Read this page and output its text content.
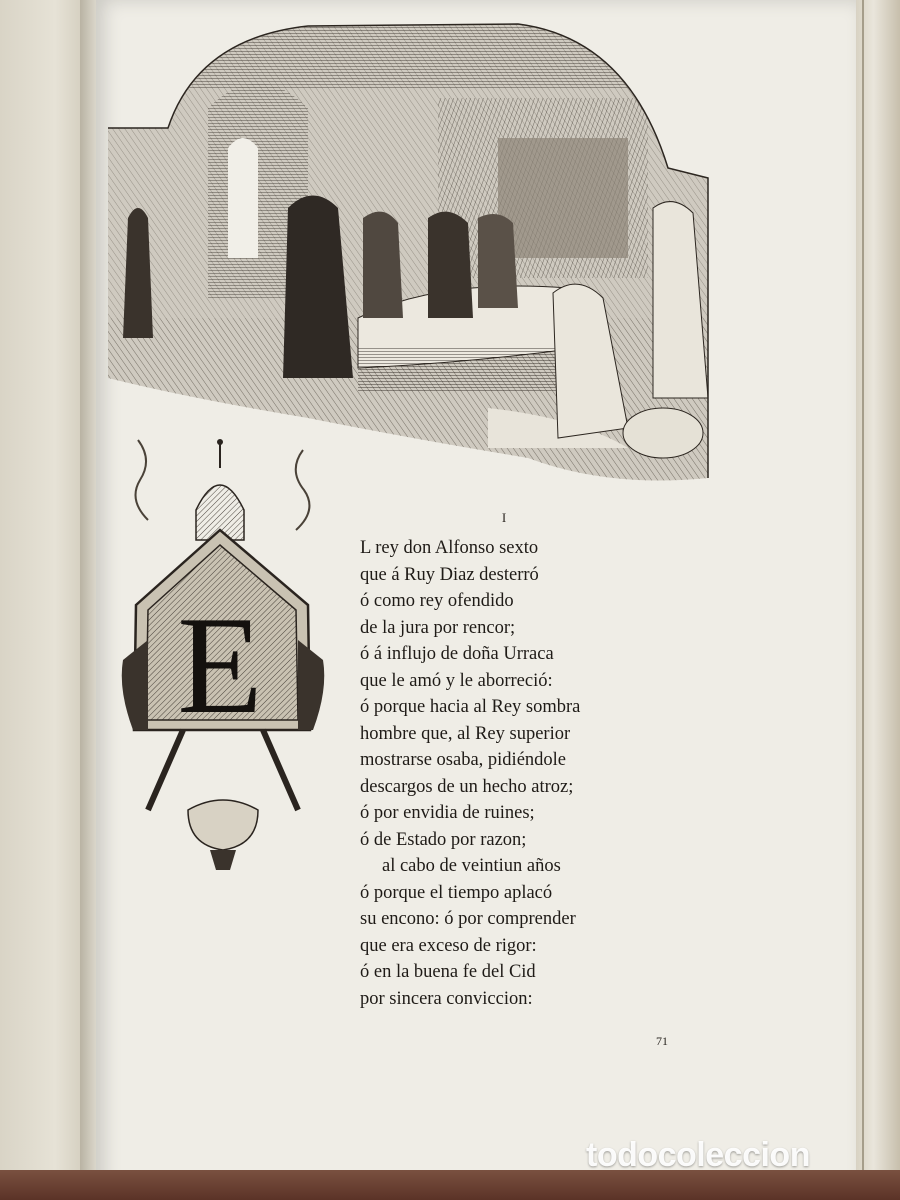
E
I
L rey don Alfonso sexto
que á Ruy Diaz desterró
ó como rey ofendido
de la jura por rencor;
ó á influjo de doña Urraca
que le amó y le aborreció:
ó porque hacia al Rey sombra
hombre que, al Rey superior
mostrarse osaba, pidiéndole
descargos de un hecho atroz;
ó por envidia de ruines;
ó de Estado por razon;
al cabo de veintiun años
ó porque el tiempo aplacó
su encono: ó por comprender
que era exceso de rigor:
ó en la buena fe del Cid
por sincera conviccion:
71
todocoleccion
